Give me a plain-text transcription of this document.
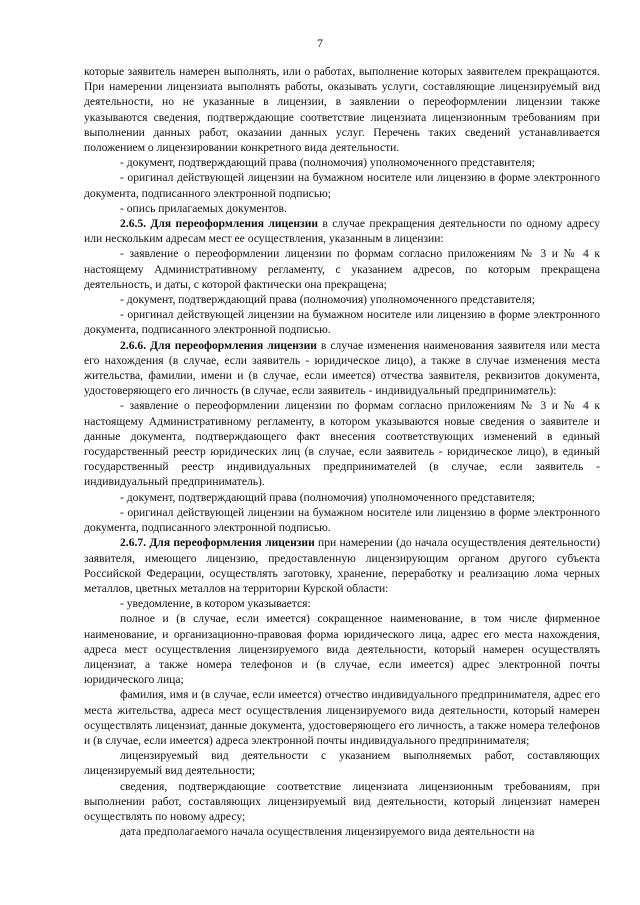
7

которые заявитель намерен выполнять, или о работах, выполнение которых заявителем прекращаются. При намерении лицензиата выполнять работы, оказывать услуги, составляющие лицензируемый вид деятельности, но не указанные в лицензии, в заявлении о переоформлении лицензии также указываются сведения, подтверждающие соответствие лицензиата лицензионным требованиям при выполнении данных работ, оказании данных услуг. Перечень таких сведений устанавливается положением о лицензировании конкретного вида деятельности.

- документ, подтверждающий права (полномочия) уполномоченного представителя;

- оригинал действующей лицензии на бумажном носителе или лицензию в форме электронного документа, подписанного электронной подписью;

- опись прилагаемых документов.

2.6.5. Для переоформления лицензии в случае прекращения деятельности по одному адресу или нескольким адресам мест ее осуществления, указанным в лицензии:

- заявление о переоформлении лицензии по формам согласно приложениям № 3 и № 4 к настоящему Административному регламенту, с указанием адресов, по которым прекращена деятельность, и даты, с которой фактически она прекращена;

- документ, подтверждающий права (полномочия) уполномоченного представителя;

- оригинал действующей лицензии на бумажном носителе или лицензию в форме электронного документа, подписанного электронной подписью.

2.6.6. Для переоформления лицензии в случае изменения наименования заявителя или места его нахождения (в случае, если заявитель - юридическое лицо), а также в случае изменения места жительства, фамилии, имени и (в случае, если имеется) отчества заявителя, реквизитов документа, удостоверяющего его личность (в случае, если заявитель - индивидуальный предприниматель):

- заявление о переоформлении лицензии по формам согласно приложениям № 3 и № 4 к настоящему Административному регламенту, в котором указываются новые сведения о заявителе и данные документа, подтверждающего факт внесения соответствующих изменений в единый государственный реестр юридических лиц (в случае, если заявитель - юридическое лицо), в единый государственный реестр индивидуальных предпринимателей (в случае, если заявитель - индивидуальный предприниматель).

- документ, подтверждающий права (полномочия) уполномоченного представителя;

- оригинал действующей лицензии на бумажном носителе или лицензию в форме электронного документа, подписанного электронной подписью.

2.6.7. Для переоформления лицензии при намерении (до начала осуществления деятельности) заявителя, имеющего лицензию, предоставленную лицензирующим органом другого субъекта Российской Федерации, осуществлять заготовку, хранение, переработку и реализацию лома черных металлов, цветных металлов на территории Курской области:

- уведомление, в котором указывается:

полное и (в случае, если имеется) сокращенное наименование, в том числе фирменное наименование, и организационно-правовая форма юридического лица, адрес его места нахождения, адреса мест осуществления лицензируемого вида деятельности, который намерен осуществлять лицензиат, а также номера телефонов и (в случае, если имеется) адрес электронной почты юридического лица;

фамилия, имя и (в случае, если имеется) отчество индивидуального предпринимателя, адрес его места жительства, адреса мест осуществления лицензируемого вида деятельности, который намерен осуществлять лицензиат, данные документа, удостоверяющего его личность, а также номера телефонов и (в случае, если имеется) адреса электронной почты индивидуального предпринимателя;

лицензируемый вид деятельности с указанием выполняемых работ, составляющих лицензируемый вид деятельности;

сведения, подтверждающие соответствие лицензиата лицензионным требованиям, при выполнении работ, составляющих лицензируемый вид деятельности, который лицензиат намерен осуществлять по новому адресу;

дата предполагаемого начала осуществления лицензируемого вида деятельности на
